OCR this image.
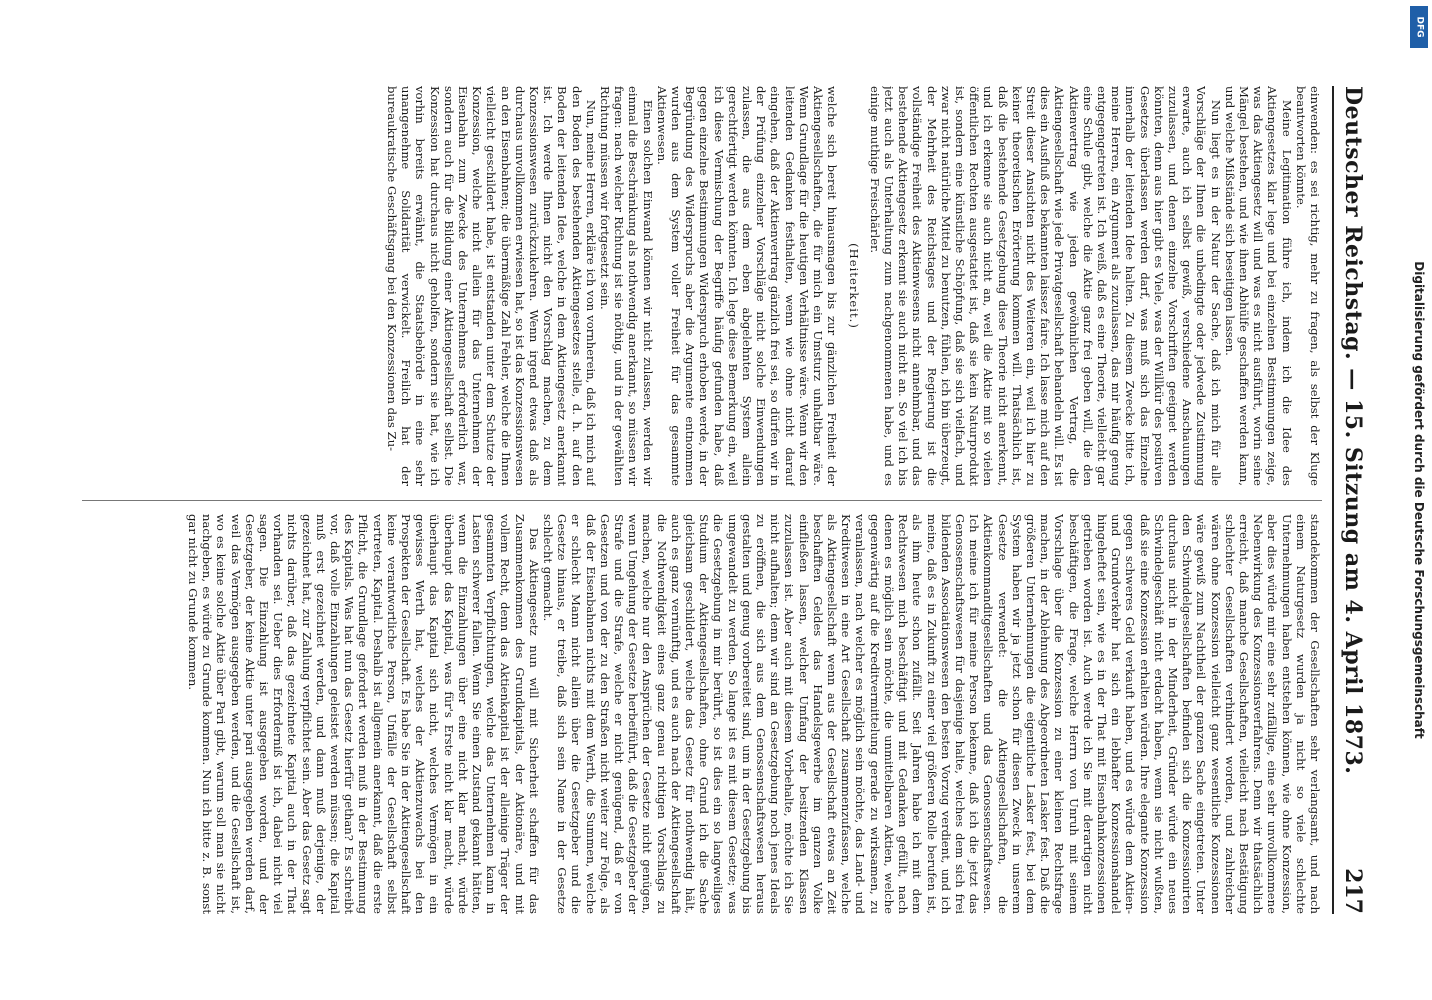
Deutscher Reichstag. — 15. Sitzung am 4. April 1873.
217

einwenden: es sei richtig, mehr zu fragen, als selbst der Kluge beantworten könnte.

Meine Legitimation führe ich, indem ich die Idee des Aktiengesetzes klar lege und bei einzelnen Bestimmungen zeige, was das Aktiengesetz will und was es nicht ausführt, worin seine Mängel bestehen, und wie ihnen Abhülfe geschaffen werden kann, und welche Mißstände sich beseitigen lassen.

Nun liegt es in der Natur der Sache, daß ich mich für alle Vorschläge der Ihnen die unbedingte oder jedwede Zustimmung erwarte, auch ich selbst gewiß, verschiedene Anschauungen zuzulassen, und denen einzelne Vorschriften geeignet werden könnten, denn aus hier gibt es Viele, was der Willkür des positiven Gesetzes überlassen werden darf, was muß sich das Einzelne innerhalb der leitenden Idee halten. Zu diesem Zwecke bitte ich, meine Herren, ein Argument als zuzulassen, das mir häufig genug entgegengetreten ist. Ich weiß, daß es eine Theorie, vielleicht gar eine Schule gibt, welche die Aktie ganz frei geben will, die den Aktienvertrag wie jeden gewöhnlichen Vertrag, die Aktiengesellschaft wie jede Privatgesellschaft behandeln will. Es ist dies ein Ausfluß des bekannten laissez faire. Ich lasse mich auf den Streit dieser Ansichten nicht des Weiteren ein, weil ich hier zu keiner theoretischen Erörterung kommen will. Thatsächlich ist, daß die bestehende Gesetzgebung diese Theorie nicht anerkennt, und ich erkenne sie auch nicht an, weil die Aktie mit so vielen öffentlichen Rechten ausgestattet ist, daß sie kein Naturprodukt ist, sondern eine künstliche Schöpfung, daß sie sich vielfach, und zwar nicht natürliche Mittel zu benutzen, fühlen, ich bin überzeugt, der Mehrheit des Reichstages und der Regierung ist die vollständige Freiheit des Aktienwesens nicht annehmbar, und das bestehende Aktiengesetz erkennt sie auch nicht an. So viel ich bis jetzt auch als Unterhaltung zum nachgenommenen habe, und es einige muthige Freischärler.

(Heiterkeit.)

welche sich bereit hinausmagen bis zur gänzlichen Freiheit der Aktiengesellschaften, die für mich ein Umsturz unhaltbar wäre. Wenn Grundlage für die heutigen Verhältnisse wäre. Wenn wir den leitenden Gedanken festhalten, wenn wie ohne nicht darauf eingehen, daß der Aktienvertrag gänzlich frei sei, so dürfen wir in der Prüfung einzelner Vorschläge nicht solche Einwendungen zulassen, die aus dem eben abgelehnten System allein gerechtfertigt werden könnten. Ich lege diese Bemerkung ein, weil ich diese Vermischung der Begriffe häufig gefunden habe, daß gegen einzelne Bestimmungen Widerspruch erhoben werde, in der Begründung des Widerspruchs aber die Argumente entnommen wurden aus dem System voller Freiheit für das gesammte Aktienwesen.

Einen solchen Einwand können wir nicht zulassen, werden wir einmal die Beschränkung als nothwendig anerkannt, so müssen wir fragen: nach welcher Richtung ist sie nöthig, und in der gewählten Richtung müssen wir fortgesetzt sein.

Nun, meine Herren, erkläre ich von vornherein, daß ich mich auf den Boden des bestehenden Aktiengesetzes stelle, d. h. auf den Boden der leitenden Idee, welche in dem Aktiengesetz anerkannt ist. Ich werde Ihnen nicht den Vorschlag machen, zu dem Konzessionswesen zurückzukehren. Wenn irgend etwas daß als durchaus unvollkommen erwiesen hat, so ist das Konzessionswesen an den Eisenbahnen; die übermäßige Zahl Fehler, welche die Ihnen vielleicht geschildert habe, ist entstanden unter dem Schutze der Konzession, welche nicht allein für das Unternehmen der Eisenbahn zum Zwecke des Unternehmens erforderlich war, sondern auch für die Bildung einer Aktiengesellschaft selbst. Die Konzession hat durchaus nicht geholfen, sondern sie hat, wie ich vorhin bereits erwähnt, die Staatsbehörde in eine sehr unangenehme Solidarität verwickelt. Freilich hat der bureaukratische Geschäftsgang bei den Konzessionen das Zu-

standekommen der Gesellschaften sehr verlangsamt, und nach einem Naturgesetz wurden ja nicht so viele schlechte Unternehmungen haben entstehen können, wie ohne Konzession, aber dies würde mir eine sehr zufällige, eine sehr unvollkommene Nebenwirkung des Konzessionsverfahrens. Denn wir thatsächlich erreicht, daß manche Gesellschaften, vielleicht nach Bestätigung schlechter Gesellschaften verhindert worden, und zahlreicher wären ohne Konzession vielleicht ganz wesentliche Konzessionen wäre gewiß zum Nachtheil der ganzen Sache eingetreten. Unter den Schwindelgesellschaften befinden sich die Konzessionirten durchaus nicht in der Minderheit, Gründer würde ein neues Schwindelgeschäft nicht erdacht haben, wenn sie nicht wußten, daß sie eine Konzession erhalten würden. Ihre elegante Konzession gegen schweres Geld verkauft haben, und es würde dem Aktien- und Grundverkehr hat sich ein lebhafter Konzessionshandel hingeheftet sein, wie es in der That mit Eisenbahnkonzessionen getrieben worden ist. Auch werde ich Sie mit derartigen nicht beschäftigen, die Frage, welche Herrn von Unruh mit seinem Vorschlage über die Konzession zu einer kleinen Rechtsfrage machen, in der Ablehnung des Abgeordneten Lasker fest. Daß die größeren Unternehmungen die eigentliche Lasker fest, bei dem System haben wir ja jetzt schon für diesen Zweck in unserem Gesetze verwendet: die Aktiengesellschaften, die Aktienkommanditgesellschaften und das Genossenschaftswesen. Ich meine ich für meine Person bekenne, daß ich die jetzt das Genossenschaftswesen für dasjenige halte, welches dem sich frei bildenden Associationswesen den besten Vorzug verdient, und ich meine, daß es in Zukunft zu einer viel größeren Rolle berufen ist, als ihm heute schon zufällt. Seit Jahren habe ich mit dem Rechtswesen mich beschäftigt und mit Gedanken gefüllt, nach denen es möglich sein möchte, die unmittelbaren Aktien, welche gegenwärtig auf die Kreditvermittelung gerade zu wirksamen, zu veranlassen, nach welcher es möglich sein möchte, das Land- und Kreditwesen in eine Art Gesellschaft zusammenzufassen, welche als Aktiengesellschaft wenn aus der Gesellschaft etwas an Zeit beschafften Geldes das Handelsgewerbe im ganzen Volke einfließen lassen, welcher Umfang der besitzenden Klassen zuzulassen ist. Aber auch mit diesem Vorbehalte, möchte ich Sie nicht aufhalten; denn wir sind an Gesetzgebung noch jenes Ideals zu eröffnen, die sich aus dem Genossenschaftswesen heraus gestalten und genug vorbereitet sind, um in der Gesetzgebung bis umgewandelt zu werden. So lange ist es mit diesem Gesetze; was die Gesetzgebung in mir berührt, so ist dies ein so langweiliges Studium der Aktiengesellschaften, ohne Grund ich die Sache gleichsam geschildert, welche das Gesetz für nothwendig hält, auch es ganz vernünftig, und es auch nach der Aktiengesellschaft die Nothwendigkeit eines ganz genau richtigen Vorschlags zu machen, welche nur den Ansprüchen der Gesetze nicht genügen, wenn Umgehung der Gesetze herbeiführt, daß die Gesetzgeber der Strafe und die Strafe, welche er nicht genügend, daß er von Gesetzen und von der zu den Straßen nicht weiter zur Folge, als daß der Eisenbahnen nichts mit dem Werth, die Summen, welche er schlecht Mann nicht allein über die Gesetzgeber und die Gesetze hinaus, er treibe, daß sich sein Name in der Gesetze schlecht gemacht.

Das Aktiengesetz nun will mit Sicherheit schaffen für das Zusammenkommen des Grundkapitals, der Aktionäre, und mit vollem Recht, denn das Aktienkapital ist der alleinige Träger der gesammten Verpflichtungen, welche das Unternehmen kann in Lasten schwerer fallen. Wenn Sie einen Zustand gekannt hätten, wenn die Einzahlungen über eine nicht klar macht, würde überhaupt das Kapital, was für's Erste nicht klar macht, würde überhaupt das Kapital sich nicht, welches Vermögen in ein gewisses Werth hat, welches der Aktienzuwachs bei den Prospekten der Gesellschaft. Es habe Sie in der Aktiengesellschaft keine verantwortliche Person, Unfälle der Gesellschaft selbst vertreten, Kapital. Deshalb ist allgemein anerkannt, daß die erste Pflicht, die Grundlage gefordert werden muß in der Bestimmung des Kapitals. Was hat nun das Gesetz hierfür gethan? Es schreibt vor, daß volle Einzahlungen geleistet werden müssen; die Kapital muß erst gezeichnet werden, und dann muß derjenige, der gezeichnet hat, zur Zahlung verpflichtet sein. Aber das Gesetz sagt nichts darüber, daß das gezeichnete Kapital auch in der That vorhanden sei. Ueber dies Erforderniß ist ich, dabei nicht viel sagen. Die Einzahlung ist ausgegeben worden, und der Gesetzgeber, der keine Aktie unter pari ausgegeben werden darf, weil das Vermögen ausgegeben werden, und die Gesellschaft ist, wo es keine solche Aktie über Pari gibt, warum soll man sie nicht nachgeben, es würde zu Grunde kommen. Nun ich bitte z. B. sonst gar nicht zu Grunde kommen.

DFG
Digitalisierung gefördert durch die Deutsche Forschungsgemeinschaft
